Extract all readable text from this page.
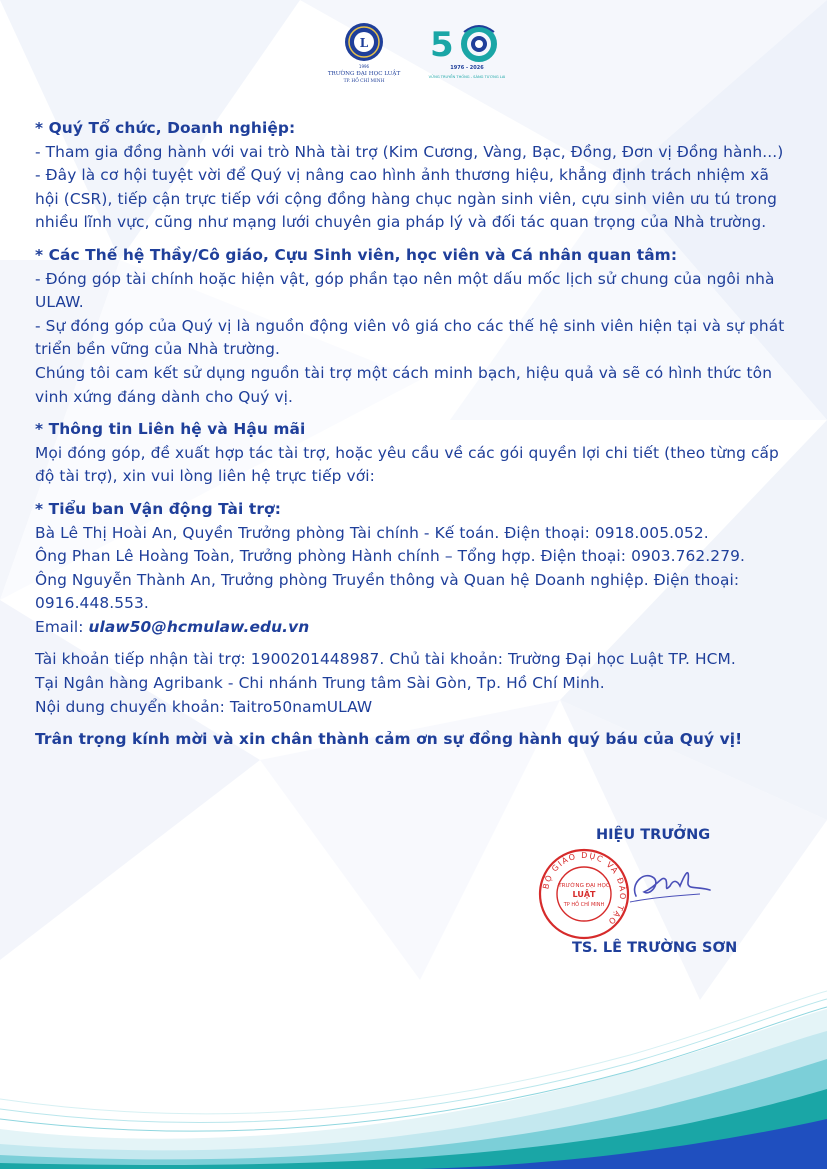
L
1996
TRƯỜNG ĐẠI HỌC LUẬT
TP. HỒ CHÍ MINH
5
1976 - 2026
VỮNG TRUYỀN THỐNG - SÁNG TƯƠNG LAI

* Quý Tổ chức, Doanh nghiệp:

- Tham gia đồng hành với vai trò Nhà tài trợ (Kim Cương, Vàng, Bạc, Đồng, Đơn vị Đồng hành...)

- Đây là cơ hội tuyệt vời để Quý vị nâng cao hình ảnh thương hiệu, khẳng định trách nhiệm xã hội (CSR), tiếp cận trực tiếp với cộng đồng hàng chục ngàn sinh viên, cựu sinh viên ưu tú trong nhiều lĩnh vực, cũng như mạng lưới chuyên gia pháp lý và đối tác quan trọng của Nhà trường.

* Các Thế hệ Thầy/Cô giáo, Cựu Sinh viên, học viên và Cá nhân quan tâm:

- Đóng góp tài chính hoặc hiện vật, góp phần tạo nên một dấu mốc lịch sử chung của ngôi nhà ULAW.

- Sự đóng góp của Quý vị là nguồn động viên vô giá cho các thế hệ sinh viên hiện tại và sự phát triển bền vững của Nhà trường.

Chúng tôi cam kết sử dụng nguồn tài trợ một cách minh bạch, hiệu quả và sẽ có hình thức tôn vinh xứng đáng dành cho Quý vị.

* Thông tin Liên hệ và Hậu mãi

Mọi đóng góp, đề xuất hợp tác tài trợ, hoặc yêu cầu về các gói quyền lợi chi tiết (theo từng cấp độ tài trợ), xin vui lòng liên hệ trực tiếp với:

* Tiểu ban Vận động Tài trợ:

Bà Lê Thị Hoài An, Quyền Trưởng phòng Tài chính - Kế toán. Điện thoại: 0918.005.052.

Ông Phan Lê Hoàng Toàn, Trưởng phòng Hành chính – Tổng hợp. Điện thoại: 0903.762.279.

Ông Nguyễn Thành An, Trưởng phòng Truyền thông và Quan hệ Doanh nghiệp. Điện thoại: 0916.448.553.

Email: ulaw50@hcmulaw.edu.vn

Tài khoản tiếp nhận tài trợ: 1900201448987. Chủ tài khoản: Trường Đại học Luật TP. HCM.

Tại Ngân hàng Agribank - Chi nhánh Trung tâm Sài Gòn, Tp. Hồ Chí Minh.

Nội dung chuyển khoản: Taitro50namULAW

Trân trọng kính mời và xin chân thành cảm ơn sự đồng hành quý báu của Quý vị!

HIỆU TRƯỞNG
BỘ GIÁO DỤC VÀ ĐÀO TẠO
TRƯỜNG ĐẠI HỌC
LUẬT
TP HỒ CHÍ MINH
TS. LÊ TRƯỜNG SƠN
